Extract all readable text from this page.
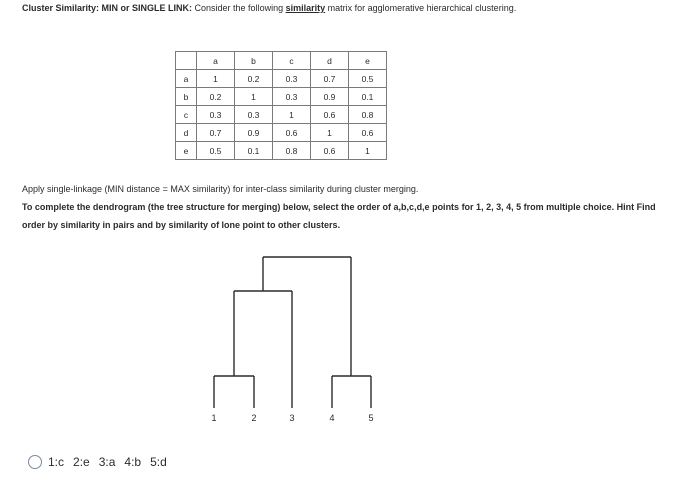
Cluster Similarity: MIN or SINGLE LINK: Consider the following similarity matrix for agglomerative hierarchical clustering.
	a	b	c	d	e
a	1	0.2	0.3	0.7	0.5
b	0.2	1	0.3	0.9	0.1
c	0.3	0.3	1	0.6	0.8
d	0.7	0.9	0.6	1	0.6
e	0.5	0.1	0.8	0.6	1
Apply single-linkage (MIN distance = MAX similarity) for inter-class similarity during cluster merging.
To complete the dendrogram (the tree structure for merging) below, select the order of a,b,c,d,e points for 1, 2, 3, 4, 5 from multiple choice. Hint Find order by similarity in pairs and by similarity of lone point to other clusters.
1	2	3	4	5
1:c 2:e 3:a 4:b 5:d
